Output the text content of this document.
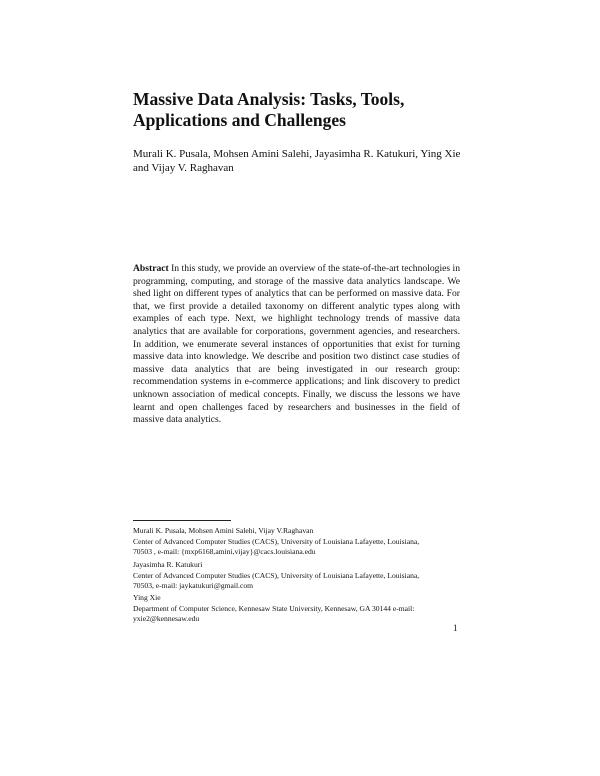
Massive Data Analysis: Tasks, Tools, Applications and Challenges

Murali K. Pusala, Mohsen Amini Salehi, Jayasimha R. Katukuri, Ying Xie and Vijay V. Raghavan

Abstract In this study, we provide an overview of the state-of-the-art technologies in programming, computing, and storage of the massive data analytics landscape. We shed light on different types of analytics that can be performed on massive data. For that, we first provide a detailed taxonomy on different analytic types along with examples of each type. Next, we highlight technology trends of massive data analytics that are available for corporations, government agencies, and researchers. In addition, we enumerate several instances of opportunities that exist for turning massive data into knowledge. We describe and position two distinct case studies of massive data analytics that are being investigated in our research group: recommendation systems in e-commerce applications; and link discovery to predict unknown association of medical concepts. Finally, we discuss the lessons we have learnt and open challenges faced by researchers and businesses in the field of massive data analytics.

Murali K. Pusala, Mohsen Amini Salehi, Vijay V.Raghavan
Center of Advanced Computer Studies (CACS), University of Louisiana Lafayette, Louisiana,
70503 , e-mail: {mxp6168,amini,vijay}@cacs.louisiana.edu
Jayasimha R. Katukuri
Center of Advanced Computer Studies (CACS), University of Louisiana Lafayette, Louisiana,
70503, e-mail: jaykatukuri@gmail.com
Ying Xie
Department of Computer Science, Kennesaw State University, Kennesaw, GA 30144 e-mail:
yxie2@kennesaw.edu
1
